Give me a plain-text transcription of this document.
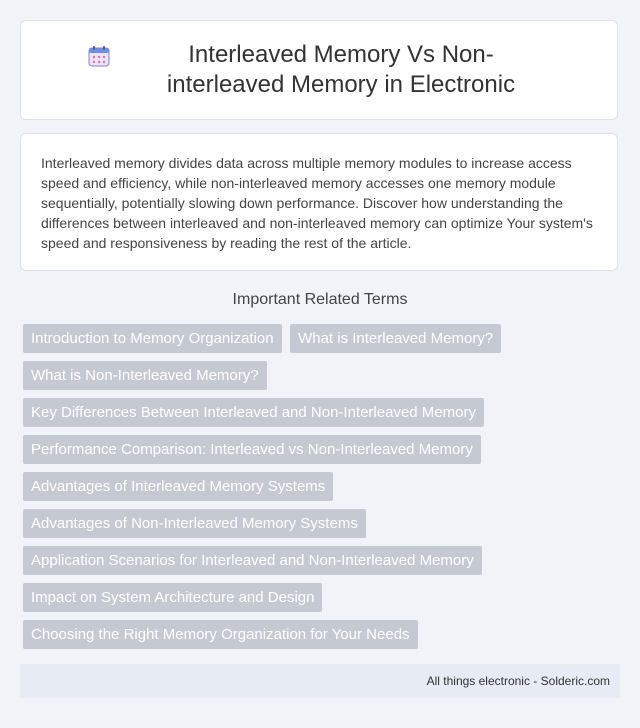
Interleaved Memory Vs Non-interleaved Memory in Electronic

Interleaved memory divides data across multiple memory modules to increase access speed and efficiency, while non-interleaved memory accesses one memory module sequentially, potentially slowing down performance. Discover how understanding the differences between interleaved and non-interleaved memory can optimize Your system's speed and responsiveness by reading the rest of the article.

Important Related Terms
Introduction to Memory Organization What is Interleaved Memory? What is Non-Interleaved Memory?
Key Differences Between Interleaved and Non-Interleaved Memory
Performance Comparison: Interleaved vs Non-Interleaved Memory
Advantages of Interleaved Memory Systems
Advantages of Non-Interleaved Memory Systems
Application Scenarios for Interleaved and Non-Interleaved Memory
Impact on System Architecture and Design
Choosing the Right Memory Organization for Your Needs
All things electronic - Solderic.com
